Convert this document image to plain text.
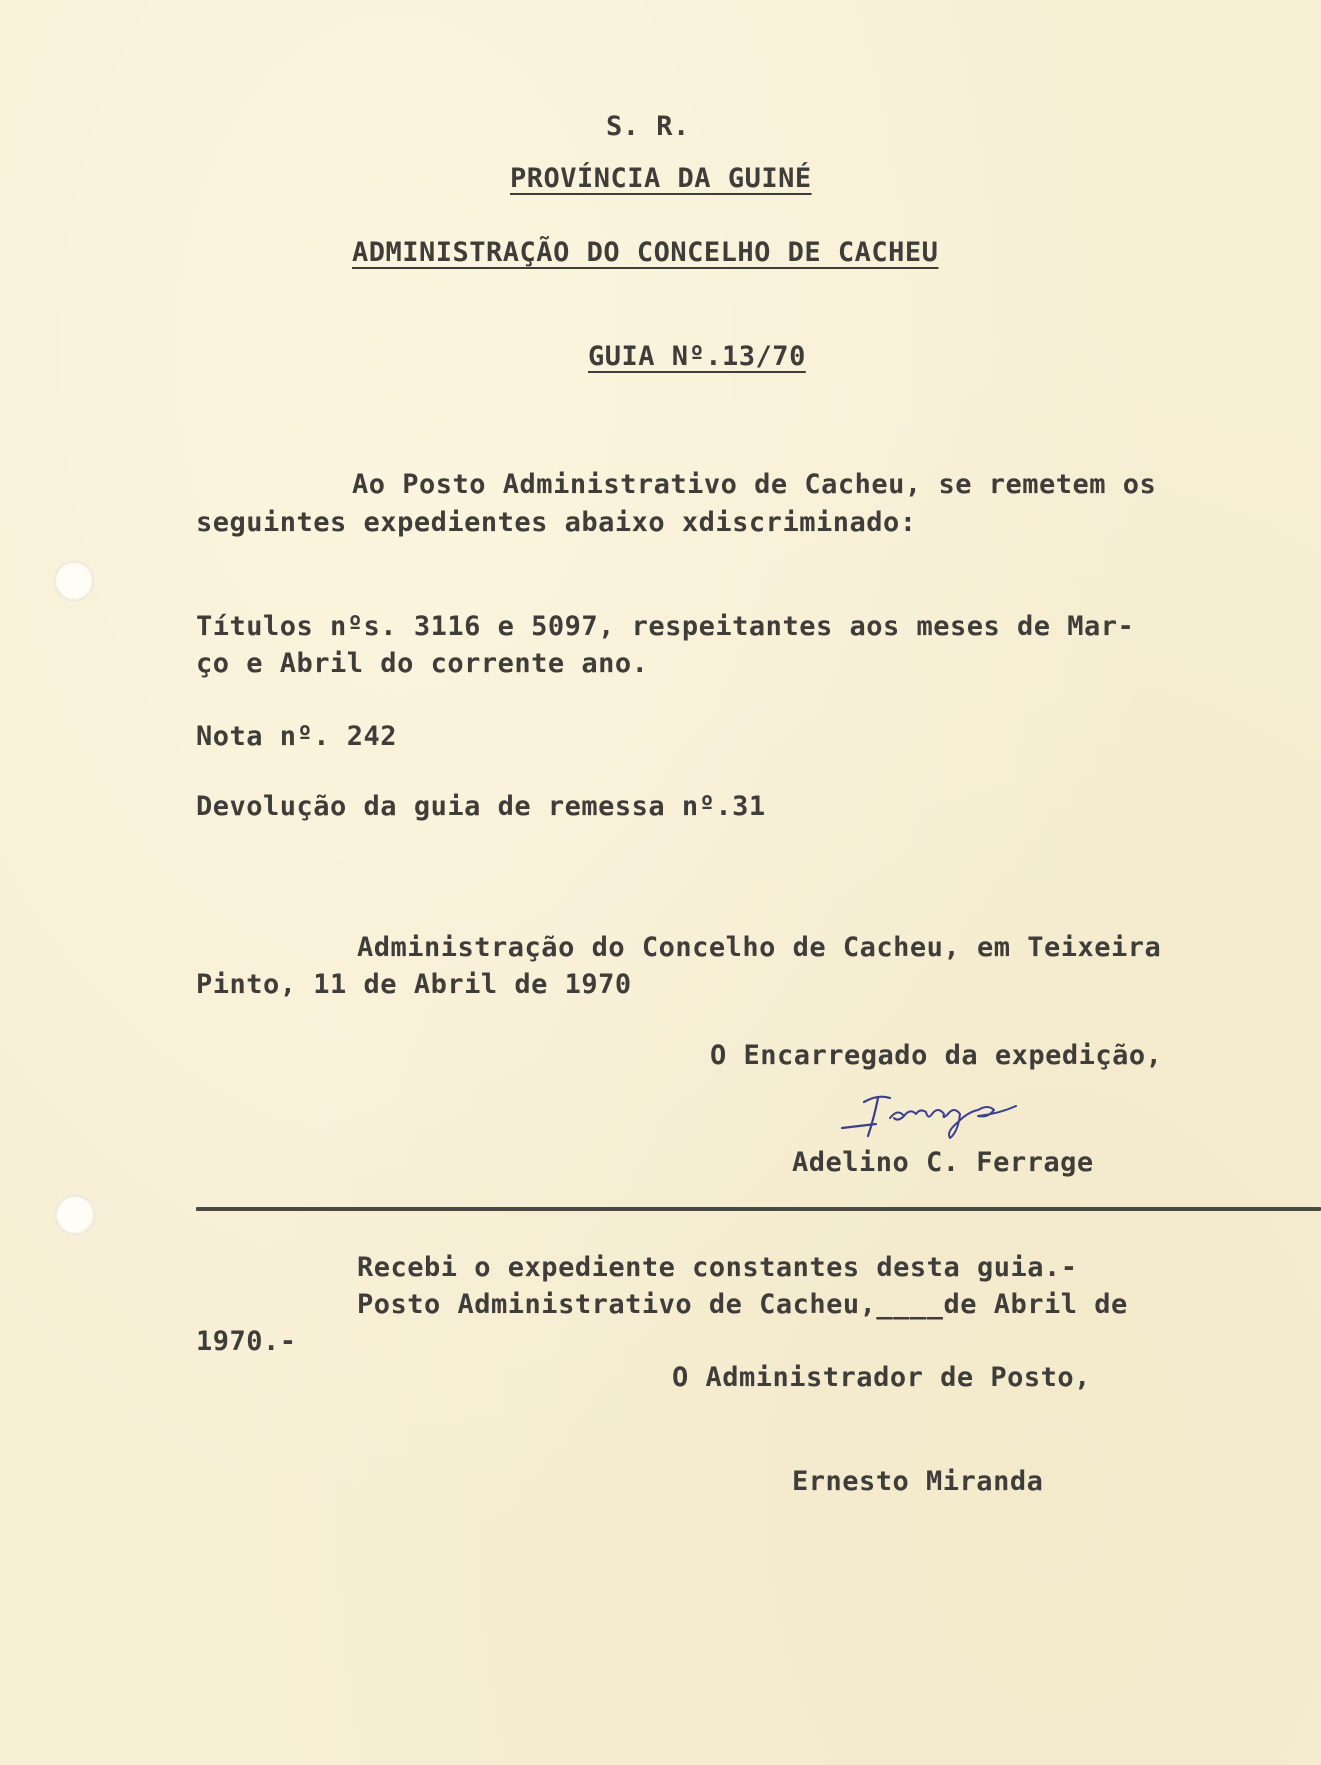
S. R.
PROVÍNCIA DA GUINÉ
ADMINISTRAÇÃO DO CONCELHO DE CACHEU
GUIA Nº.13/70
Ao Posto Administrativo de Cacheu, se remetem os
seguintes expedientes abaixo xdiscriminado:
Títulos nºs. 3116 e 5097, respeitantes aos meses de Mar-
ço e Abril do corrente ano.
Nota nº. 242
Devolução da guia de remessa nº.31
Administração do Concelho de Cacheu, em Teixeira
Pinto, 11 de Abril de 1970
O Encarregado da expedição,
Adelino C. Ferrage
Recebi o expediente constantes desta guia.-
Posto Administrativo de Cacheu,____de Abril de
1970.-
O Administrador de Posto,
Ernesto Miranda
